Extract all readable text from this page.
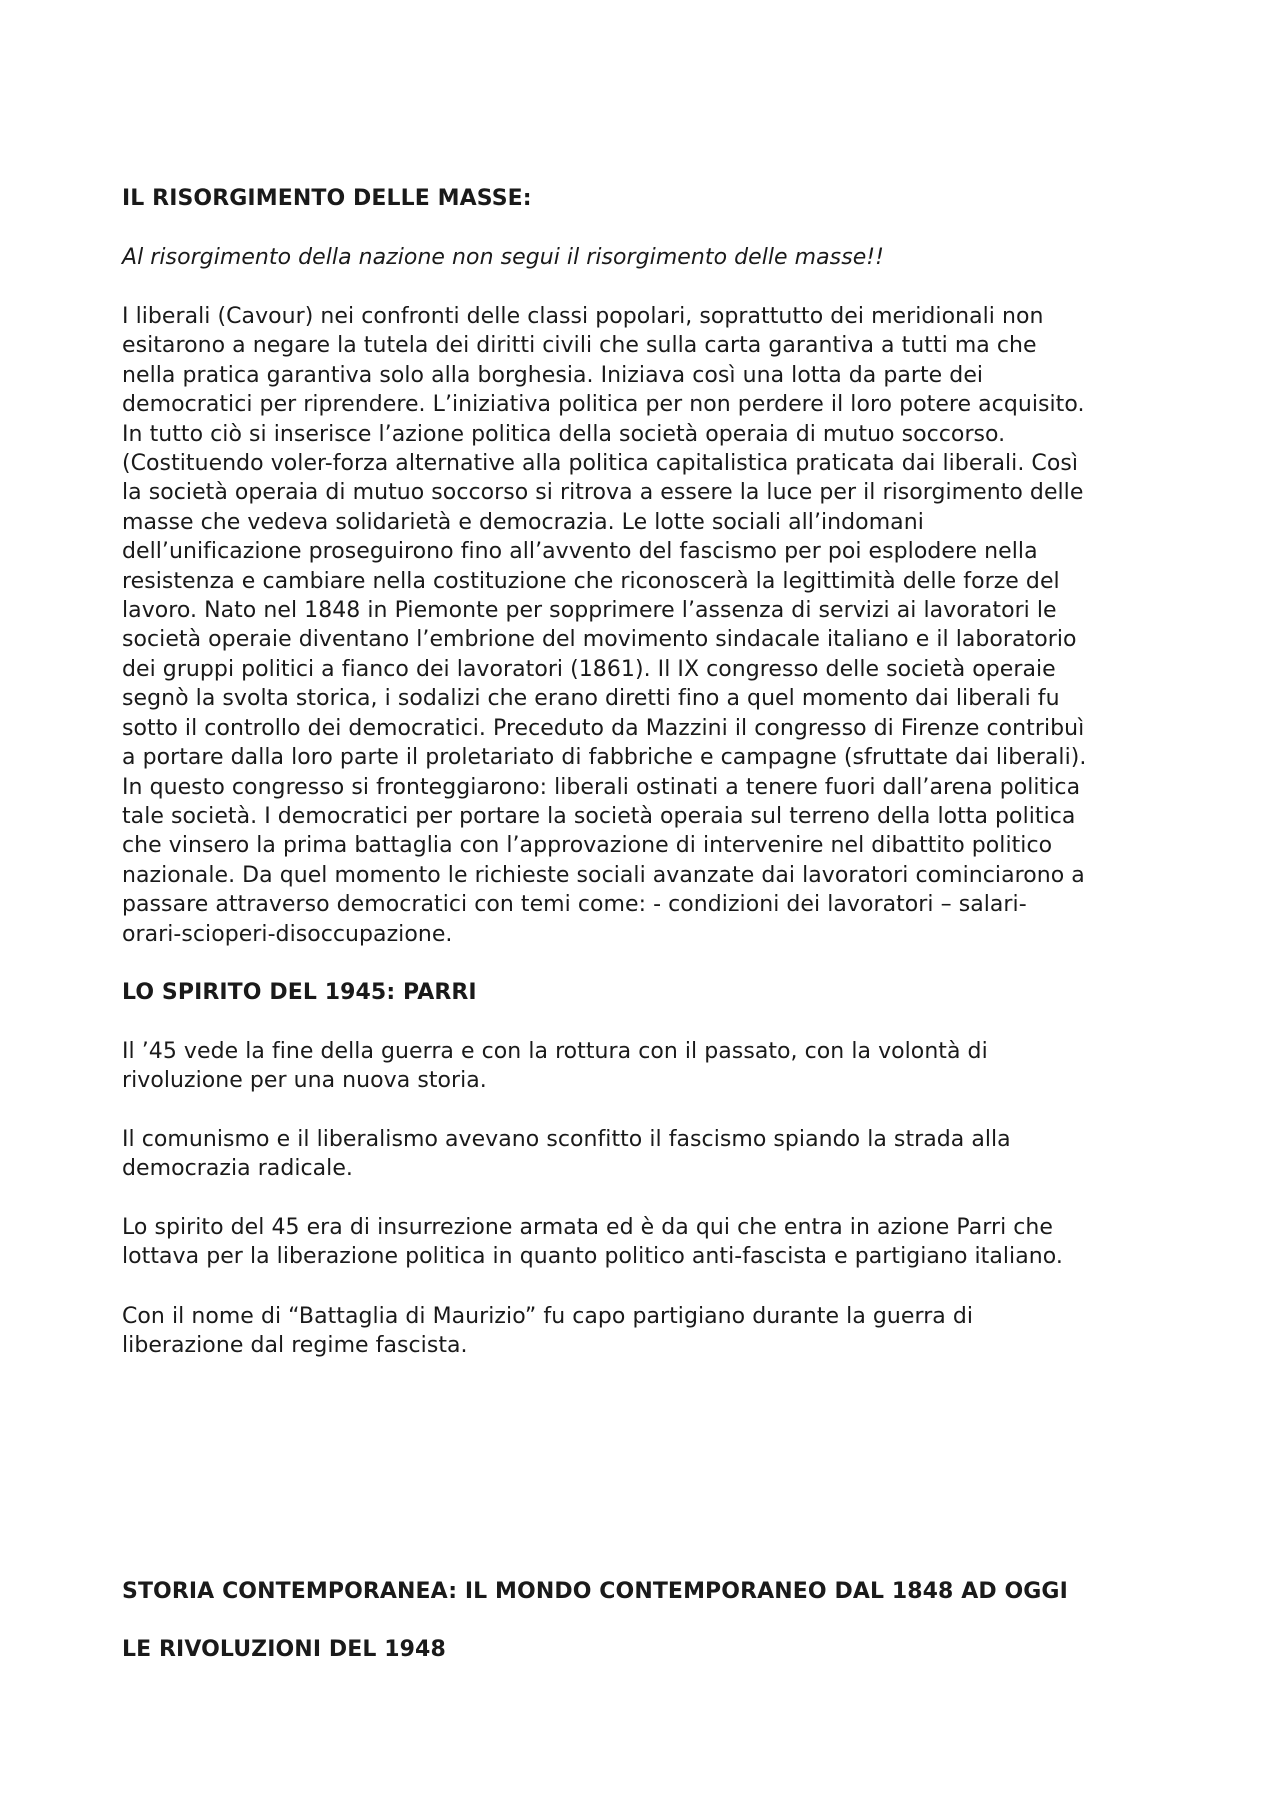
IL RISORGIMENTO DELLE MASSE:

Al risorgimento della nazione non segui il risorgimento delle masse!!

I liberali (Cavour) nei confronti delle classi popolari, soprattutto dei meridionali non
esitarono a negare la tutela dei diritti civili che sulla carta garantiva a tutti ma che
nella pratica garantiva solo alla borghesia. Iniziava così una lotta da parte dei
democratici per riprendere. L’iniziativa politica per non perdere il loro potere acquisito.
In tutto ciò si inserisce l’azione politica della società operaia di mutuo soccorso.
(Costituendo voler-forza alternative alla politica capitalistica praticata dai liberali. Così
la società operaia di mutuo soccorso si ritrova a essere la luce per il risorgimento delle
masse che vedeva solidarietà e democrazia. Le lotte sociali all’indomani
dell’unificazione proseguirono fino all’avvento del fascismo per poi esplodere nella
resistenza e cambiare nella costituzione che riconoscerà la legittimità delle forze del
lavoro. Nato nel 1848 in Piemonte per sopprimere l’assenza di servizi ai lavoratori le
società operaie diventano l’embrione del movimento sindacale italiano e il laboratorio
dei gruppi politici a fianco dei lavoratori (1861). Il IX congresso delle società operaie
segnò la svolta storica, i sodalizi che erano diretti fino a quel momento dai liberali fu
sotto il controllo dei democratici. Preceduto da Mazzini il congresso di Firenze contribuì
a portare dalla loro parte il proletariato di fabbriche e campagne (sfruttate dai liberali).
In questo congresso si fronteggiarono: liberali ostinati a tenere fuori dall’arena politica
tale società. I democratici per portare la società operaia sul terreno della lotta politica
che vinsero la prima battaglia con l’approvazione di intervenire nel dibattito politico
nazionale. Da quel momento le richieste sociali avanzate dai lavoratori cominciarono a
passare attraverso democratici con temi come: - condizioni dei lavoratori – salari-
orari-scioperi-disoccupazione.
LO SPIRITO DEL 1945: PARRI
Il ’45 vede la fine della guerra e con la rottura con il passato, con la volontà di
rivoluzione per una nuova storia.
Il comunismo e il liberalismo avevano sconfitto il fascismo spiando la strada alla
democrazia radicale.
Lo spirito del 45 era di insurrezione armata ed è da qui che entra in azione Parri che
lottava per la liberazione politica in quanto politico anti-fascista e partigiano italiano.
Con il nome di “Battaglia di Maurizio” fu capo partigiano durante la guerra di
liberazione dal regime fascista.
STORIA CONTEMPORANEA: IL MONDO CONTEMPORANEO DAL 1848 AD OGGI
LE RIVOLUZIONI DEL 1948
